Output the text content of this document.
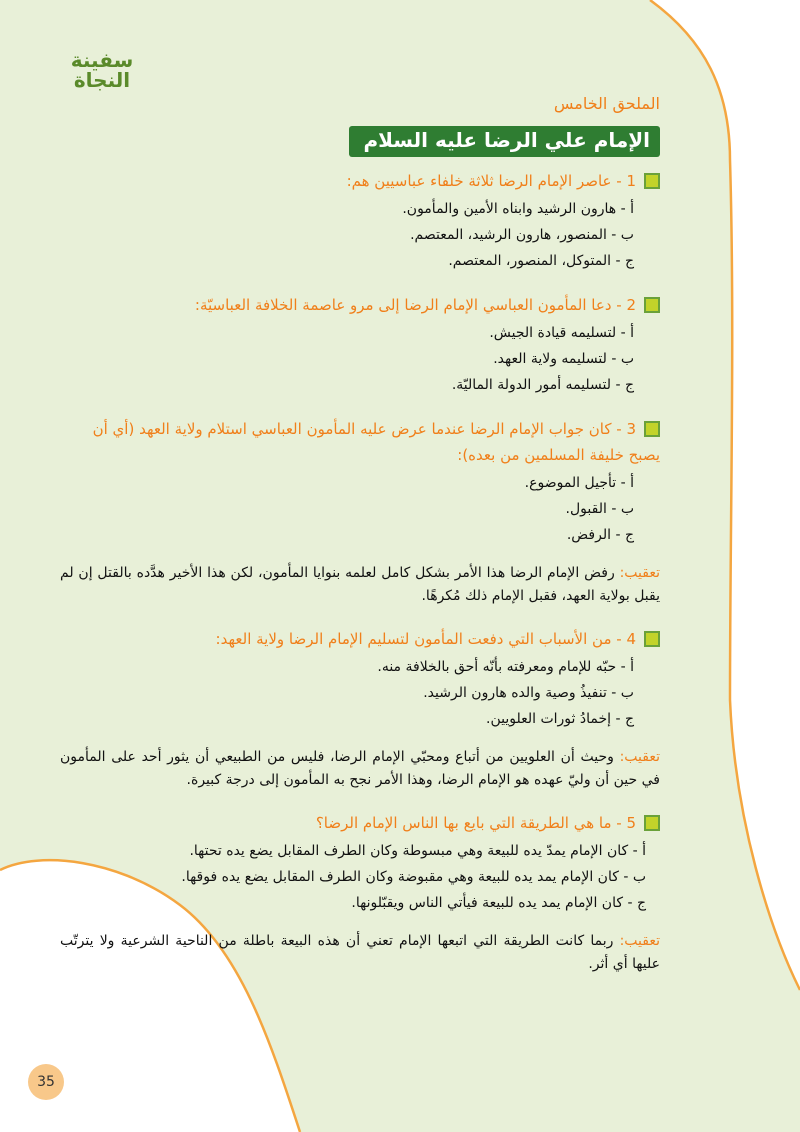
سفينة النجاة
الملحق الخامس
الإمام علي الرضا عليه السلام
1 - عاصر الإمام الرضا ثلاثة خلفاء عباسيين هم:
أ - هارون الرشيد وابناه الأمين والمأمون.
ب - المنصور، هارون الرشيد، المعتصم.
ج - المتوكل، المنصور، المعتصم.
2 - دعا المأمون العباسي الإمام الرضا إلى مرو عاصمة الخلافة العباسيّة:
أ - لتسليمه قيادة الجيش.
ب - لتسليمه ولاية العهد.
ج - لتسليمه أمور الدولة الماليّة.
3 - كان جواب الإمام الرضا عندما عرض عليه المأمون العباسي استلام ولاية العهد (أي أن يصبح خليفة المسلمين من بعده):
أ - تأجيل الموضوع.
ب - القبول.
ج - الرفض.
تعقيب: رفض الإمام الرضا هذا الأمر بشكل كامل لعلمه بنوايا المأمون، لكن هذا الأخير هدَّده بالقتل إن لم يقبل بولاية العهد، فقبل الإمام ذلك مُكرهًا.
4 - من الأسباب التي دفعت المأمون لتسليم الإمام الرضا ولاية العهد:
أ - حبّه للإمام ومعرفته بأنّه أحق بالخلافة منه.
ب - تنفيذُ وصية والده هارون الرشيد.
ج - إخمادُ ثورات العلويين.
تعقيب: وحيث أن العلويين من أتباع ومحبّي الإمام الرضا، فليس من الطبيعي أن يثور أحد على المأمون في حين أن وليّ عهده هو الإمام الرضا، وهذا الأمر نجح به المأمون إلى درجة كبيرة.
5 - ما هي الطريقة التي بايع بها الناس الإمام الرضا؟
أ - كان الإمام يمدّ يده للبيعة وهي مبسوطة وكان الطرف المقابل يضع يده تحتها.
ب - كان الإمام يمد يده للبيعة وهي مقبوضة وكان الطرف المقابل يضع يده فوقها.
ج - كان الإمام يمد يده للبيعة فيأتي الناس ويقبّلونها.
تعقيب: ربما كانت الطريقة التي اتبعها الإمام تعني أن هذه البيعة باطلة من الناحية الشرعية ولا يترتّب عليها أي أثر.
35
